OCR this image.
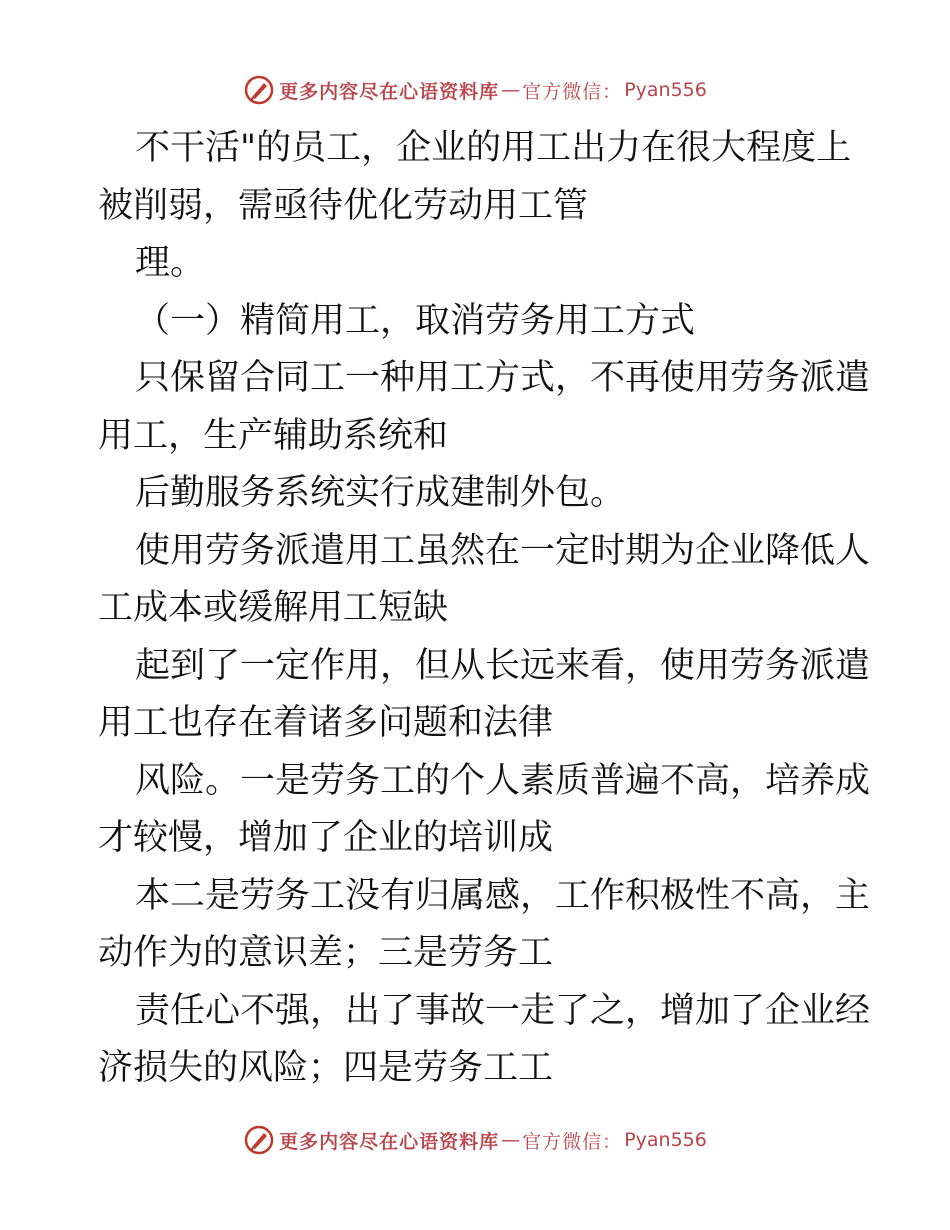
更多内容尽在心语资料库 — 官方微信： Pyan556

不干活"的员工，企业的用工出力在很大程度上
被削弱，需亟待优化劳动用工管

理。

（一）精简用工，取消劳务用工方式

只保留合同工一种用工方式，不再使用劳务派遣
用工，生产辅助系统和

后勤服务系统实行成建制外包。

使用劳务派遣用工虽然在一定时期为企业降低人
工成本或缓解用工短缺

起到了一定作用，但从长远来看，使用劳务派遣
用工也存在着诸多问题和法律

风险。一是劳务工的个人素质普遍不高，培养成
才较慢，增加了企业的培训成

本二是劳务工没有归属感，工作积极性不高，主
动作为的意识差；三是劳务工

责任心不强，出了事故一走了之，增加了企业经
济损失的风险；四是劳务工工

更多内容尽在心语资料库 — 官方微信： Pyan556
